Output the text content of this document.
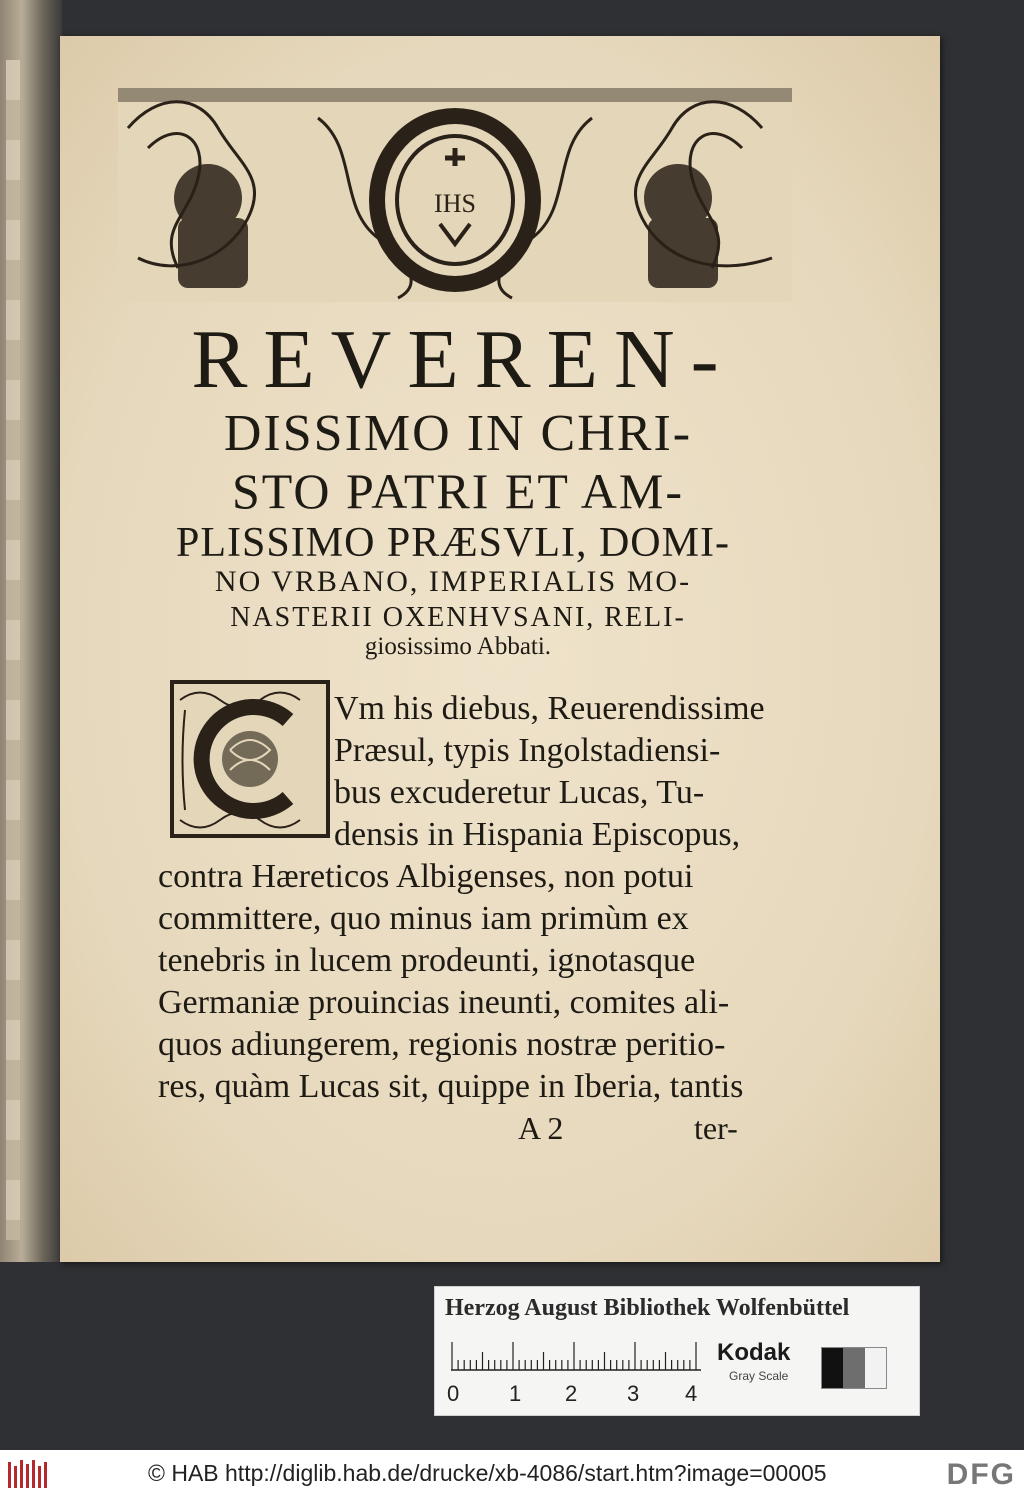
IHS
REVEREN-
DISSIMO IN CHRI-
STO PATRI ET AM-
PLISSIMO PRÆSVLI, DOMI-
NO VRBANO, IMPERIALIS MO-
NASTERII OXENHVSANI, RELI-
giosissimo Abbati.
Vm his diebus, Reuerendissime
Præsul, typis Ingolstadiensi-
bus excuderetur Lucas, Tu-
densis in Hispania Episcopus,
contra Hæreticos Albigenses, non potui
committere, quo minus iam primùm ex
tenebris in lucem prodeunti, ignotasque
Germaniæ prouincias ineunti, comites ali-
quos adiungerem, regionis nostræ peritio-
res, quàm Lucas sit, quippe in Iberia, tantis
A 2	ter-
Herzog August Bibliothek Wolfenbüttel
0 1 2 3 4
Kodak
Gray Scale
© HAB http://diglib.hab.de/drucke/xb-4086/start.htm?image=00005	DFG
